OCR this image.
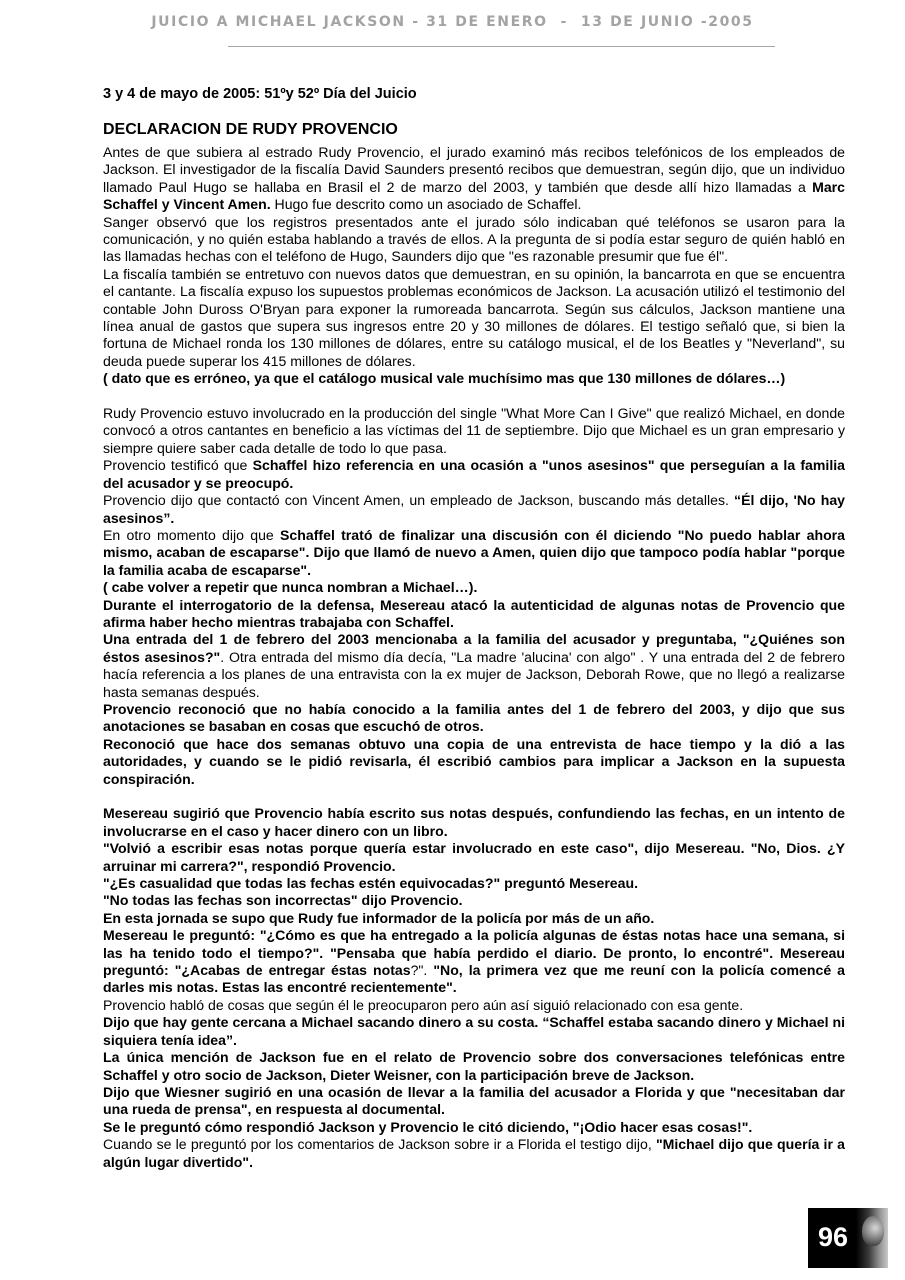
JUICIO A MICHAEL JACKSON - 31 DE ENERO  -  13 DE JUNIO -2005
3 y 4 de mayo de 2005: 51ºy 52º Día del Juicio
DECLARACION DE RUDY PROVENCIO

Antes de que subiera al estrado Rudy Provencio, el jurado examinó más recibos telefónicos de los empleados de Jackson. El investigador de la fiscalía David Saunders presentó recibos que demuestran, según dijo, que un individuo llamado Paul Hugo se hallaba en Brasil el 2 de marzo del 2003, y también que desde allí hizo llamadas a Marc Schaffel y Vincent Amen. Hugo fue descrito como un asociado de Schaffel.

Sanger observó que los registros presentados ante el jurado sólo indicaban qué teléfonos se usaron para la comunicación, y no quién estaba hablando a través de ellos. A la pregunta de si podía estar seguro de quién habló en las llamadas hechas con el teléfono de Hugo, Saunders dijo que "es razonable presumir que fue él".

La fiscalía también se entretuvo con nuevos datos que demuestran, en su opinión, la bancarrota en que se encuentra el cantante. La fiscalía expuso los supuestos problemas económicos de Jackson. La acusación utilizó el testimonio del contable John Duross O'Bryan para exponer la rumoreada bancarrota. Según sus cálculos, Jackson mantiene una línea anual de gastos que supera sus ingresos entre 20 y 30 millones de dólares. El testigo señaló que, si bien la fortuna de Michael ronda los 130 millones de dólares, entre su catálogo musical, el de los Beatles y "Neverland", su deuda puede superar los 415 millones de dólares.

( dato que es erróneo, ya que el catálogo musical vale muchísimo mas que 130 millones de dólares…)

Rudy Provencio estuvo involucrado en la producción del single "What More Can I Give" que realizó Michael, en donde convocó a otros cantantes en beneficio a las víctimas del 11 de septiembre. Dijo que Michael es un gran empresario y siempre quiere saber cada detalle de todo lo que pasa.

Provencio testificó que Schaffel hizo referencia en una ocasión a "unos asesinos" que perseguían a la familia del acusador y se preocupó.

Provencio dijo que contactó con Vincent Amen, un empleado de Jackson, buscando más detalles. “Él dijo, 'No hay asesinos”.

En otro momento dijo que Schaffel trató de finalizar una discusión con él diciendo "No puedo hablar ahora mismo, acaban de escaparse". Dijo que llamó de nuevo a Amen, quien dijo que tampoco podía hablar "porque la familia acaba de escaparse".

( cabe volver a repetir que nunca nombran a Michael…).

Durante el interrogatorio de la defensa, Mesereau atacó la autenticidad de algunas notas de Provencio que afirma haber hecho mientras trabajaba con Schaffel.

Una entrada del 1 de febrero del 2003 mencionaba a la familia del acusador y preguntaba, "¿Quiénes son éstos asesinos?". Otra entrada del mismo día decía, "La madre 'alucina' con algo" . Y una entrada del 2 de febrero hacía referencia a los planes de una entravista con la ex mujer de Jackson, Deborah Rowe, que no llegó a realizarse hasta semanas después.

Provencio reconoció que no había conocido a la familia antes del 1 de febrero del 2003, y dijo que sus anotaciones se basaban en cosas que escuchó de otros.

Reconoció que hace dos semanas obtuvo una copia de una entrevista de hace tiempo y la dió a las autoridades, y cuando se le pidió revisarla, él escribió cambios para implicar a Jackson en la supuesta conspiración.

Mesereau sugirió que Provencio había escrito sus notas después, confundiendo las fechas, en un intento de involucrarse en el caso y hacer dinero con un libro.

"Volvió a escribir esas notas porque quería estar involucrado en este caso", dijo Mesereau. "No, Dios. ¿Y arruinar mi carrera?", respondió Provencio.

"¿Es casualidad que todas las fechas estén equivocadas?" preguntó Mesereau.

"No todas las fechas son incorrectas" dijo Provencio.

En esta jornada se supo que Rudy fue informador de la policía por más de un año.

Mesereau le preguntó: "¿Cómo es que ha entregado a la policía algunas de éstas notas hace una semana, si las ha tenido todo el tiempo?". "Pensaba que había perdido el diario. De pronto, lo encontré". Mesereau preguntó: "¿Acabas de entregar éstas notas?". "No, la primera vez que me reuní con la policía comencé a darles mis notas. Estas las encontré recientemente".

Provencio habló de cosas que según él le preocuparon pero aún así siguió relacionado con esa gente.

Dijo que hay gente cercana a Michael sacando dinero a su costa. “Schaffel estaba sacando dinero y Michael ni siquiera tenía idea”.

La única mención de Jackson fue en el relato de Provencio sobre dos conversaciones telefónicas entre Schaffel y otro socio de Jackson, Dieter Weisner, con la participación breve de Jackson.

Dijo que Wiesner sugirió en una ocasión de llevar a la familia del acusador a Florida y que "necesitaban dar una rueda de prensa", en respuesta al documental.

Se le preguntó cómo respondió Jackson y Provencio le citó diciendo, "¡Odio hacer esas cosas!".

Cuando se le preguntó por los comentarios de Jackson sobre ir a Florida el testigo dijo, "Michael dijo que quería ir a algún lugar divertido".

96
